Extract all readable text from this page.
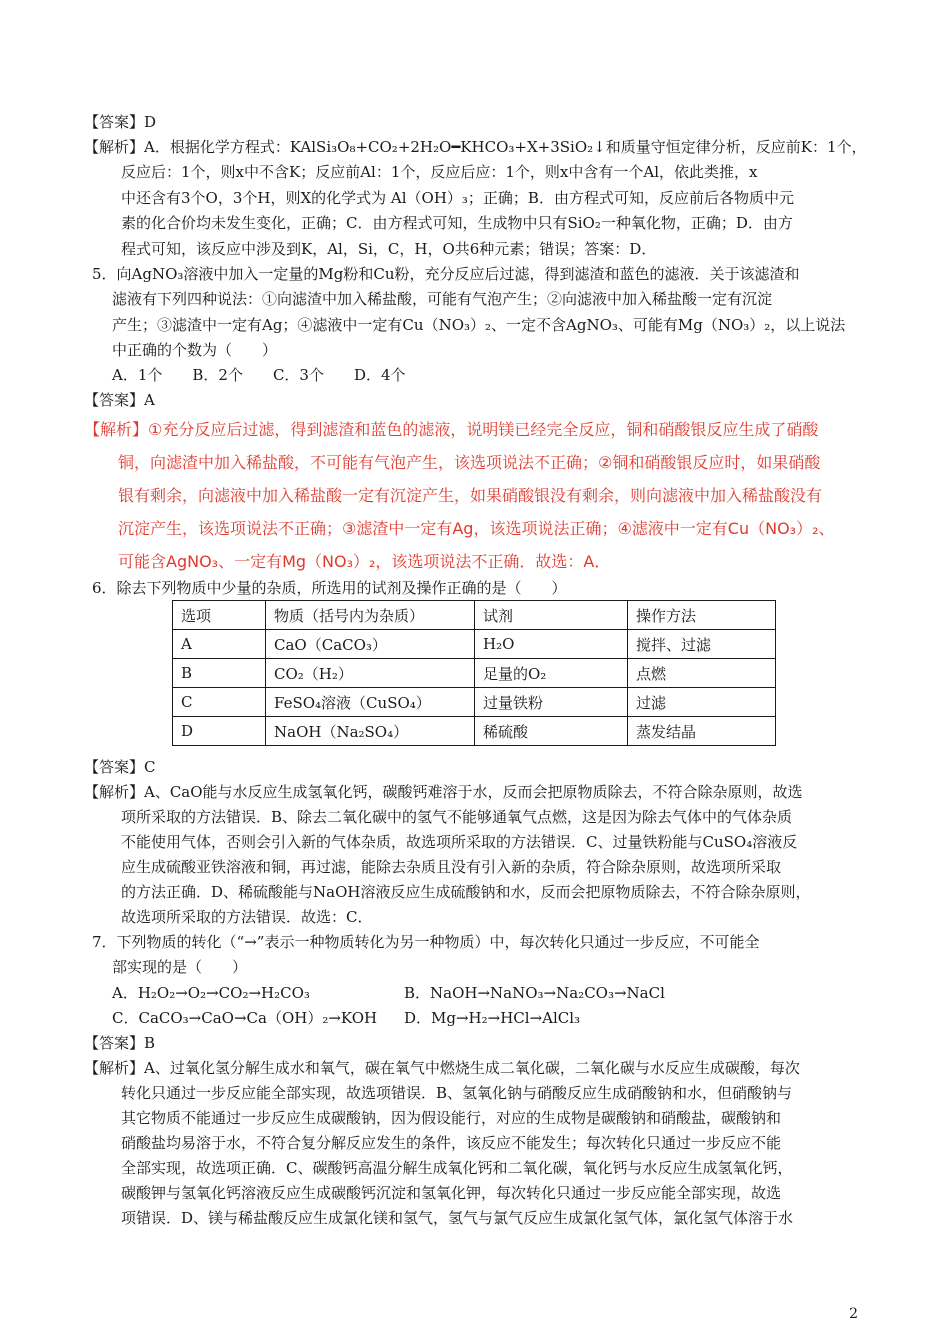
【答案】D
【解析】A．根据化学方程式：KAlSi₃O₈+CO₂+2H₂O━KHCO₃+X+3SiO₂↓和质量守恒定律分析，反应前K：1个，
反应后：1个，则x中不含K；反应前Al：1个，反应后应：1个，则x中含有一个Al，依此类推，x
中还含有3个O，3个H，则X的化学式为 Al（OH）₃；正确；B．由方程式可知，反应前后各物质中元
素的化合价均未发生变化，正确；C．由方程式可知，生成物中只有SiO₂一种氧化物，正确；D．由方
程式可知，该反应中涉及到K，Al，Si，C，H，O共6种元素；错误；答案：D．
5．向AgNO₃溶液中加入一定量的Mg粉和Cu粉，充分反应后过滤，得到滤渣和蓝色的滤液．关于该滤渣和
滤液有下列四种说法：①向滤渣中加入稀盐酸，可能有气泡产生；②向滤液中加入稀盐酸一定有沉淀
产生；③滤渣中一定有Ag；④滤液中一定有Cu（NO₃）₂、一定不含AgNO₃、可能有Mg（NO₃）₂，以上说法
中正确的个数为（　　）
A．1个　　B．2个　　C．3个　　D．4个
【答案】A
【解析】①充分反应后过滤，得到滤渣和蓝色的滤液，说明镁已经完全反应，铜和硝酸银反应生成了硝酸
铜，向滤渣中加入稀盐酸，不可能有气泡产生，该选项说法不正确；②铜和硝酸银反应时，如果硝酸
银有剩余，向滤液中加入稀盐酸一定有沉淀产生，如果硝酸银没有剩余，则向滤液中加入稀盐酸没有
沉淀产生，该选项说法不正确；③滤渣中一定有Ag，该选项说法正确；④滤液中一定有Cu（NO₃）₂、
可能含AgNO₃、一定有Mg（NO₃）₂，该选项说法不正确．故选：A．
6．除去下列物质中少量的杂质，所选用的试剂及操作正确的是（　　）
选项	物质（括号内为杂质）	试剂	操作方法
A	CaO（CaCO₃）	H₂O	搅拌、过滤
B	CO₂（H₂）	足量的O₂	点燃
C	FeSO₄溶液（CuSO₄）	过量铁粉	过滤
D	NaOH（Na₂SO₄）	稀硫酸	蒸发结晶
【答案】C
【解析】A、CaO能与水反应生成氢氧化钙，碳酸钙难溶于水，反而会把原物质除去，不符合除杂原则，故选
项所采取的方法错误．B、除去二氧化碳中的氢气不能够通氧气点燃，这是因为除去气体中的气体杂质
不能使用气体，否则会引入新的气体杂质，故选项所采取的方法错误．C、过量铁粉能与CuSO₄溶液反
应生成硫酸亚铁溶液和铜，再过滤，能除去杂质且没有引入新的杂质，符合除杂原则，故选项所采取
的方法正确．D、稀硫酸能与NaOH溶液反应生成硫酸钠和水，反而会把原物质除去，不符合除杂原则，
故选项所采取的方法错误．故选：C．
7．下列物质的转化（“→”表示一种物质转化为另一种物质）中，每次转化只通过一步反应，不可能全
部实现的是（　　）
A．H₂O₂→O₂→CO₂→H₂CO₃	B．NaOH→NaNO₃→Na₂CO₃→NaCl
C．CaCO₃→CaO→Ca（OH）₂→KOH D．Mg→H₂→HCl→AlCl₃
【答案】B
【解析】A、过氧化氢分解生成水和氧气，碳在氧气中燃烧生成二氧化碳，二氧化碳与水反应生成碳酸，每次
转化只通过一步反应能全部实现，故选项错误．B、氢氧化钠与硝酸反应生成硝酸钠和水，但硝酸钠与
其它物质不能通过一步反应生成碳酸钠，因为假设能行，对应的生成物是碳酸钠和硝酸盐，碳酸钠和
硝酸盐均易溶于水，不符合复分解反应发生的条件，该反应不能发生；每次转化只通过一步反应不能
全部实现，故选项正确．C、碳酸钙高温分解生成氧化钙和二氧化碳，氧化钙与水反应生成氢氧化钙，
碳酸钾与氢氧化钙溶液反应生成碳酸钙沉淀和氢氧化钾，每次转化只通过一步反应能全部实现，故选
项错误．D、镁与稀盐酸反应生成氯化镁和氢气，氢气与氯气反应生成氯化氢气体，氯化氢气体溶于水
2
